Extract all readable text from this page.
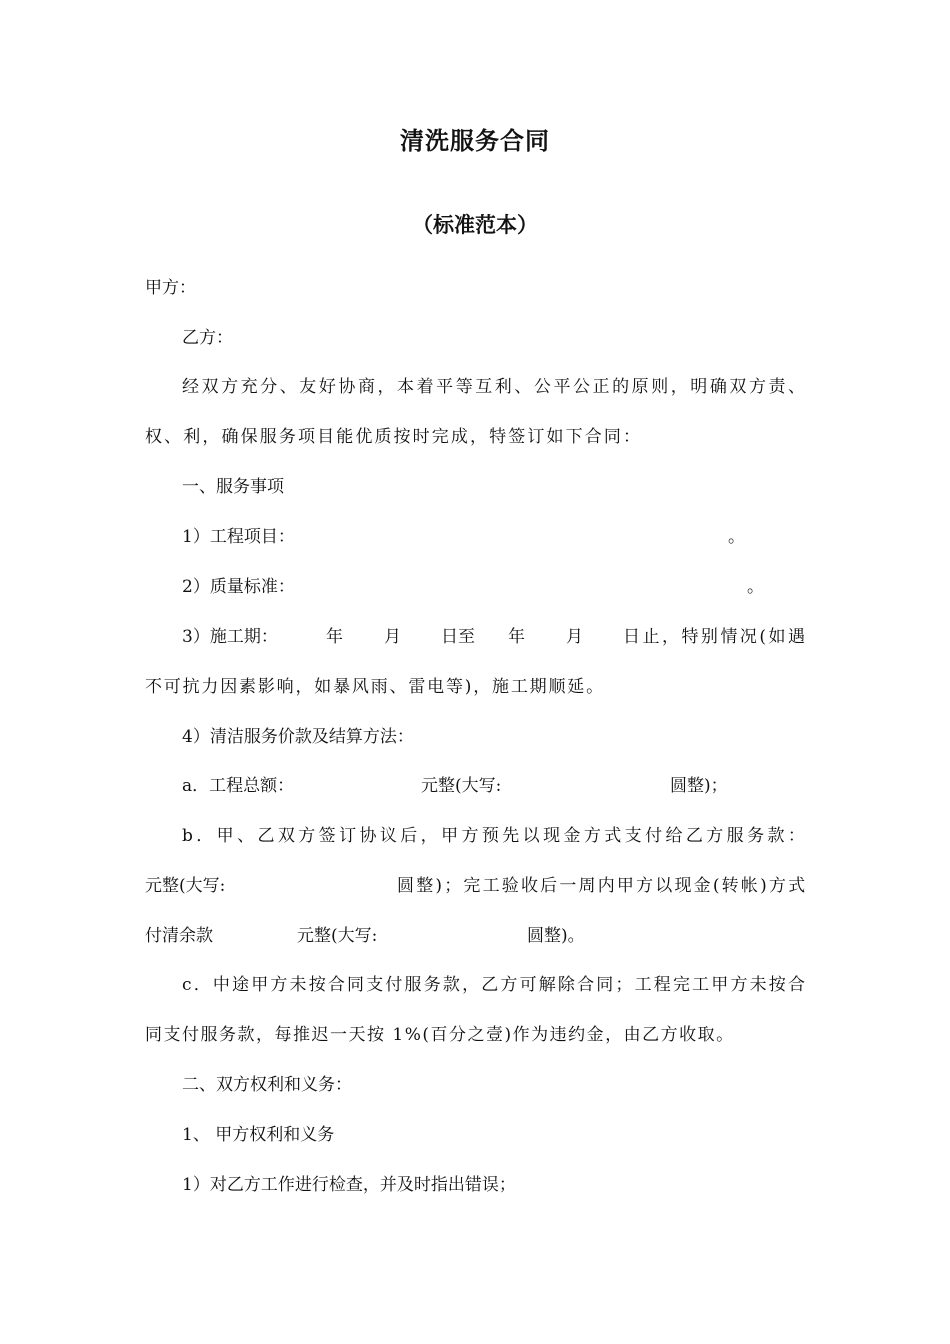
清洗服务合同
（标准范本）
甲方：
乙方：
经双方充分、友好协商，本着平等互利、公平公正的原则，明确双方责、
权、利，确保服务项目能优质按时完成，特签订如下合同：
一、服务事项
1）工程项目：	。
2）质量标准：	。
3）施工期：	年 月 日至 年 月 日止，特别情况(如遇
不可抗力因素影响，如暴风雨、雷电等)，施工期顺延。
4）清洁服务价款及结算方法：
a．工程总额：	元整(大写:	圆整)；
b．甲、乙双方签订协议后，甲方预先以现金方式支付给乙方服务款：
元整(大写:	圆整)；完工验收后一周内甲方以现金(转帐)方式
付清余款	元整(大写:	圆整)。
c．中途甲方未按合同支付服务款，乙方可解除合同；工程完工甲方未按合
同支付服务款，每推迟一天按 1%(百分之壹)作为违约金，由乙方收取。
二、双方权利和义务：
1、 甲方权利和义务
1）对乙方工作进行检查，并及时指出错误；
